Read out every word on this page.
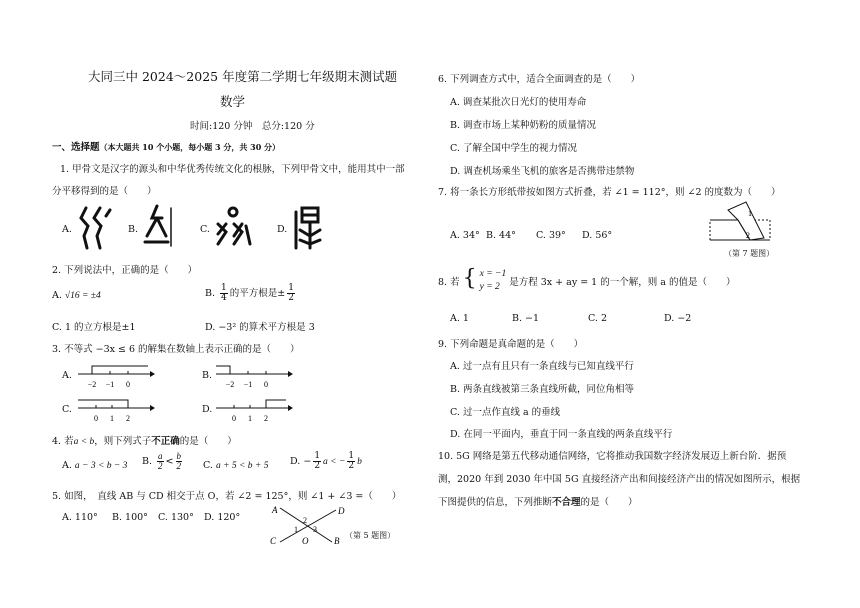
大同三中 2024～2025 年度第二学期七年级期末测试题
数学
时间:120 分钟　总分:120 分
一、选择题（本大题共 10 个小题，每小题 3 分，共 30 分）
1. 甲骨文是汉字的源头和中华优秀传统文化的根脉，下列甲骨文中，能用其中一部
分平移得到的是（　　）
A.	B.	C.	D.
2. 下列说法中，正确的是（　　）
A. √16 = ±4	B. $\frac{1}{4}$ 的平方根是± $\frac{1}{2}$
C. 1 的立方根是±1	D. −3² 的算术平方根是 3
3. 不等式 −3x ≤ 6 的解集在数轴上表示正确的是（　　）
A.
−2 −1 0
B.
−2 −1 0
C.
0 1 2
D.
0 1 2
4. 若a < b，则下列式子不正确的是（　　）
A. a − 3 < b − 3 B. $\frac{a}{2} < \frac{b}{2} C$. a + 5 < b + 5 D. − $\frac{1}{2}$ a < − $\frac{1}{2}$ b
5. 如图，　直线 AB 与 CD 相交于点 O，若 ∠2 = 125°，则 ∠1 + ∠3 =（　　）
A. 110° B. 100° C. 130° D. 120°
A	D
C	B
O
1
2
3
（第 5 题图）
6. 下列调查方式中，适合全面调查的是（　　）
A. 调查某批次日光灯的使用寿命
B. 调查市场上某种奶粉的质量情况
C. 了解全国中学生的视力情况
D. 调查机场乘坐飞机的旅客是否携带违禁物
7. 将一条长方形纸带按如图方式折叠，若 ∠1 = 112°，则 ∠2 的度数为（　　）
A. 34° B. 44° C. 39° D. 56°
1
2
（第 7 题图）
8. 若 { x = −1
y = 2 是方程 3x + ay = 1 的一个解，则 a 的值是（　　）
A. 1	B. −1	C. 2	D. −2
9. 下列命题是真命题的是（　　）
A. 过一点有且只有一条直线与已知直线平行
B. 两条直线被第三条直线所截，同位角相等
C. 过一点作直线 a 的垂线
D. 在同一平面内，垂直于同一条直线的两条直线平行
10. 5G 网络是第五代移动通信网络，它将推动我国数字经济发展迈上新台阶．据预
测，2020 年到 2030 年中国 5G 直接经济产出和间接经济产出的情况如图所示，根据
下图提供的信息，下列推断不合理的是（　　）
